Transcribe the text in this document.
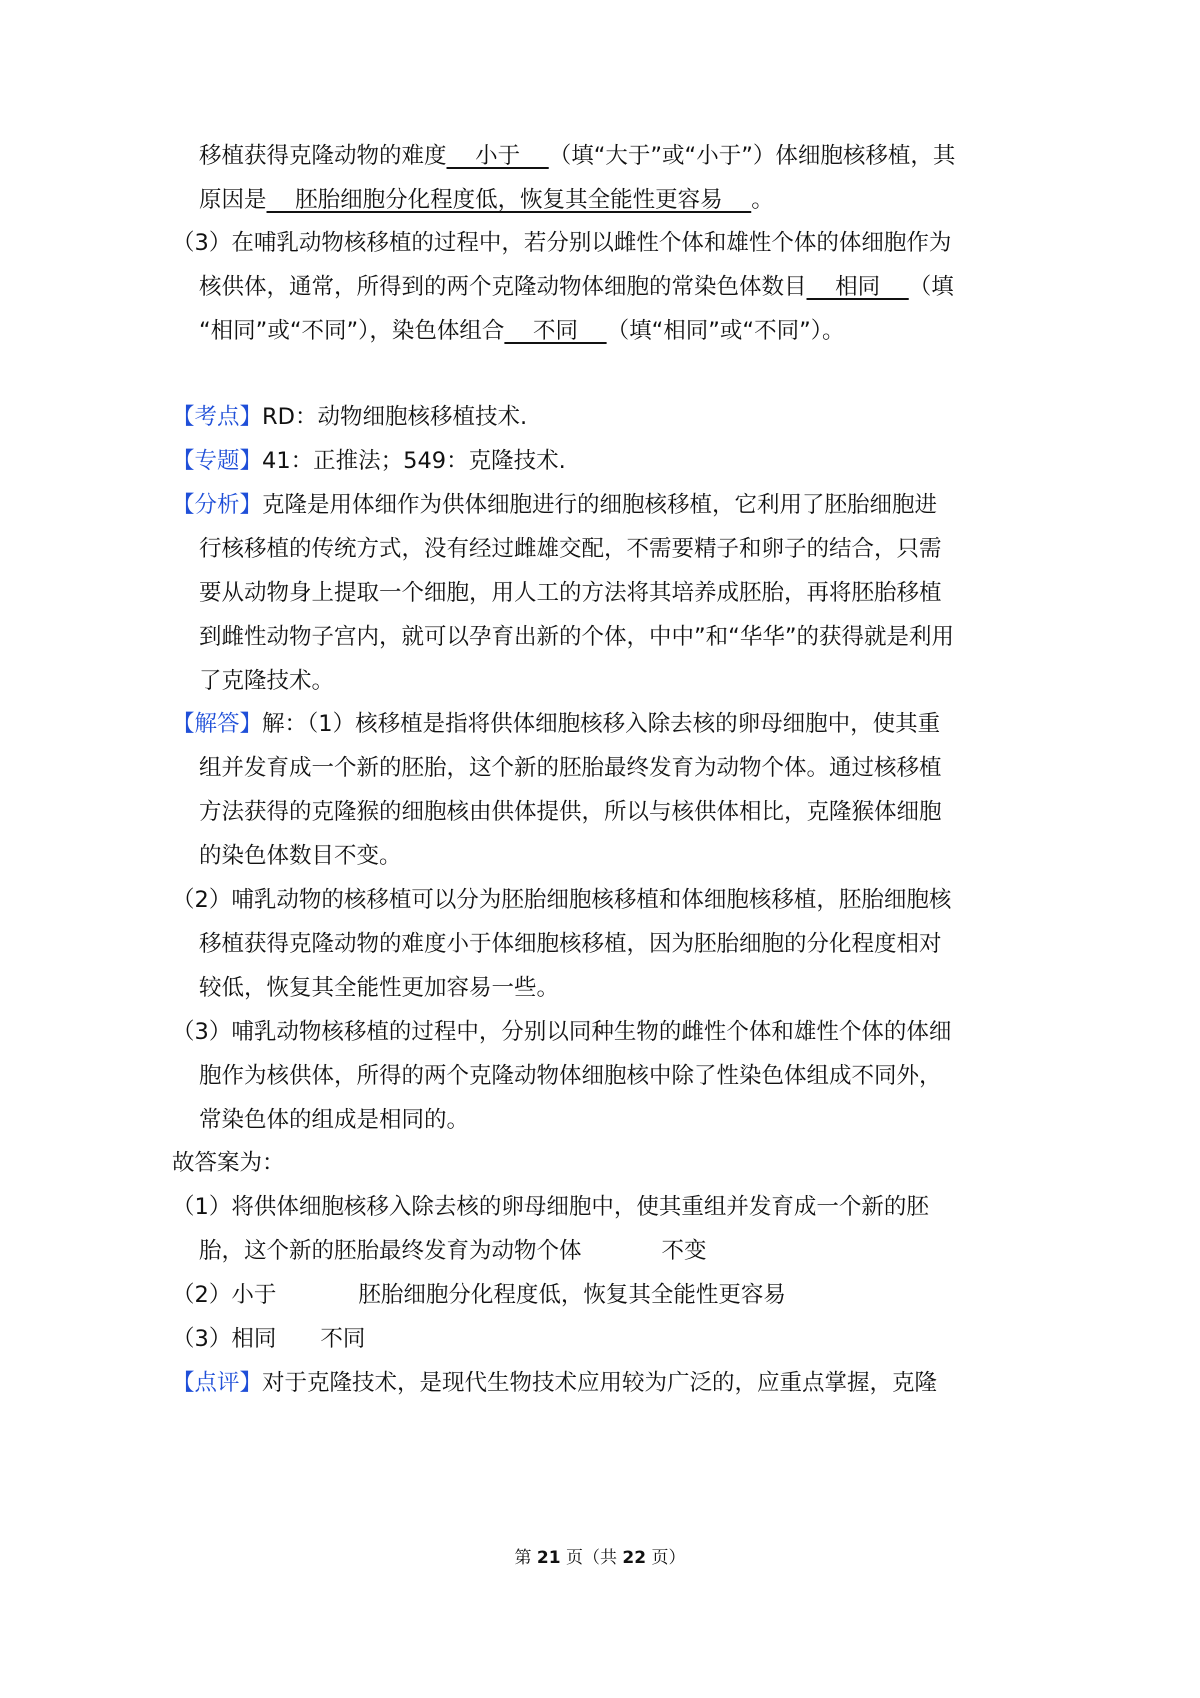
移植获得克隆动物的难度    小于    （填“大于”或“小于”）体细胞核移植，其
原因是    胚胎细胞分化程度低，恢复其全能性更容易    。
（3）在哺乳动物核移植的过程中，若分别以雌性个体和雄性个体的体细胞作为
核供体，通常，所得到的两个克隆动物体细胞的常染色体数目    相同    （填
“相同”或“不同”），染色体组合    不同    （填“相同”或“不同”）。
【考点】RD：动物细胞核移植技术.
【专题】41：正推法；549：克隆技术.
【分析】克隆是用体细作为供体细胞进行的细胞核移植，它利用了胚胎细胞进
行核移植的传统方式，没有经过雌雄交配，不需要精子和卵子的结合，只需
要从动物身上提取一个细胞，用人工的方法将其培养成胚胎，再将胚胎移植
到雌性动物子宫内，就可以孕育出新的个体，中中”和“华华”的获得就是利用
了克隆技术。
【解答】解：（1）核移植是指将供体细胞核移入除去核的卵母细胞中，使其重
组并发育成一个新的胚胎，这个新的胚胎最终发育为动物个体。通过核移植
方法获得的克隆猴的细胞核由供体提供，所以与核供体相比，克隆猴体细胞
的染色体数目不变。
（2）哺乳动物的核移植可以分为胚胎细胞核移植和体细胞核移植，胚胎细胞核
移植获得克隆动物的难度小于体细胞核移植，因为胚胎细胞的分化程度相对
较低，恢复其全能性更加容易一些。
（3）哺乳动物核移植的过程中，分别以同种生物的雌性个体和雄性个体的体细
胞作为核供体，所得的两个克隆动物体细胞核中除了性染色体组成不同外，
常染色体的组成是相同的。
故答案为：
（1）将供体细胞核移入除去核的卵母细胞中，使其重组并发育成一个新的胚
胎，这个新的胚胎最终发育为动物个体	不变
（2）小于	胚胎细胞分化程度低，恢复其全能性更容易
（3）相同 不同
【点评】对于克隆技术，是现代生物技术应用较为广泛的，应重点掌握，克隆
第 21 页（共 22 页）
